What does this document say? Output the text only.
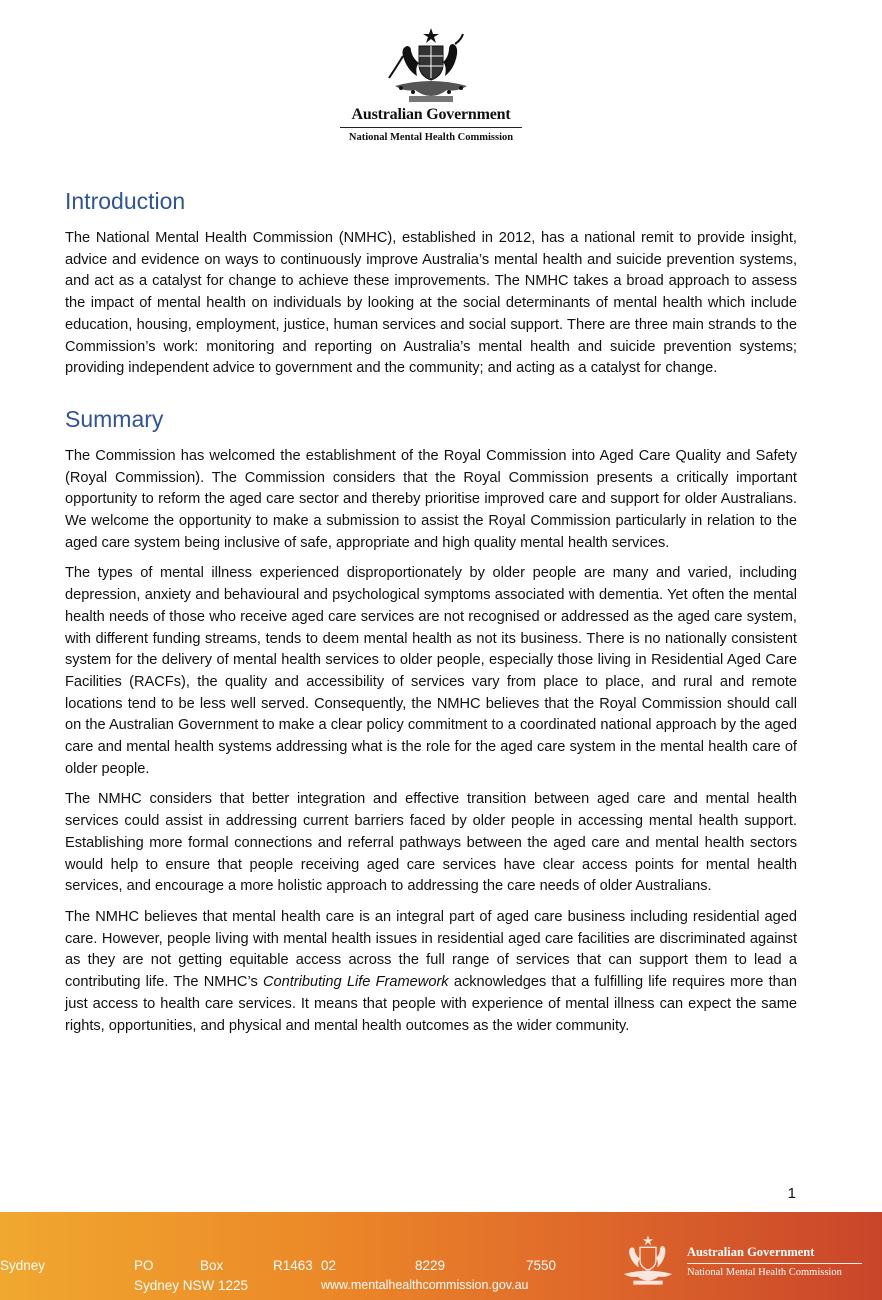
Australian Government
National Mental Health Commission
Introduction

The National Mental Health Commission (NMHC), established in 2012, has a national remit to provide insight, advice and evidence on ways to continuously improve Australia’s mental health and suicide prevention systems, and act as a catalyst for change to achieve these improvements. The NMHC takes a broad approach to assess the impact of mental health on individuals by looking at the social determinants of mental health which include education, housing, employment, justice, human services and social support. There are three main strands to the Commission’s work: monitoring and reporting on Australia’s mental health and suicide prevention systems; providing independent advice to government and the community; and acting as a catalyst for change.

Summary

The Commission has welcomed the establishment of the Royal Commission into Aged Care Quality and Safety (Royal Commission). The Commission considers that the Royal Commission presents a critically important opportunity to reform the aged care sector and thereby prioritise improved care and support for older Australians. We welcome the opportunity to make a submission to assist the Royal Commission particularly in relation to the aged care system being inclusive of safe, appropriate and high quality mental health services.

The types of mental illness experienced disproportionately by older people are many and varied, including depression, anxiety and behavioural and psychological symptoms associated with dementia. Yet often the mental health needs of those who receive aged care services are not recognised or addressed as the aged care system, with different funding streams, tends to deem mental health as not its business. There is no nationally consistent system for the delivery of mental health services to older people, especially those living in Residential Aged Care Facilities (RACFs), the quality and accessibility of services vary from place to place, and rural and remote locations tend to be less well served. Consequently, the NMHC believes that the Royal Commission should call on the Australian Government to make a clear policy commitment to a coordinated national approach by the aged care and mental health systems addressing what is the role for the aged care system in the mental health care of older people.

The NMHC considers that better integration and effective transition between aged care and mental health services could assist in addressing current barriers faced by older people in accessing mental health support. Establishing more formal connections and referral pathways between the aged care and mental health sectors would help to ensure that people receiving aged care services have clear access points for mental health services, and encourage a more holistic approach to addressing the care needs of older Australians.

The NMHC believes that mental health care is an integral part of aged care business including residential aged care. However, people living with mental health issues in residential aged care facilities are discriminated against as they are not getting equitable access across the full range of services that can support them to lead a contributing life. The NMHC’s Contributing Life Framework acknowledges that a fulfilling life requires more than just access to health care services. It means that people with experience of mental illness can expect the same rights, opportunities, and physical and mental health outcomes as the wider community.

1
Sydney	PO	Box	R1463 02	8229	7550
Sydney NSW 1225	www.mentalhealthcommission.gov.au
Australian Government
National Mental Health Commission
